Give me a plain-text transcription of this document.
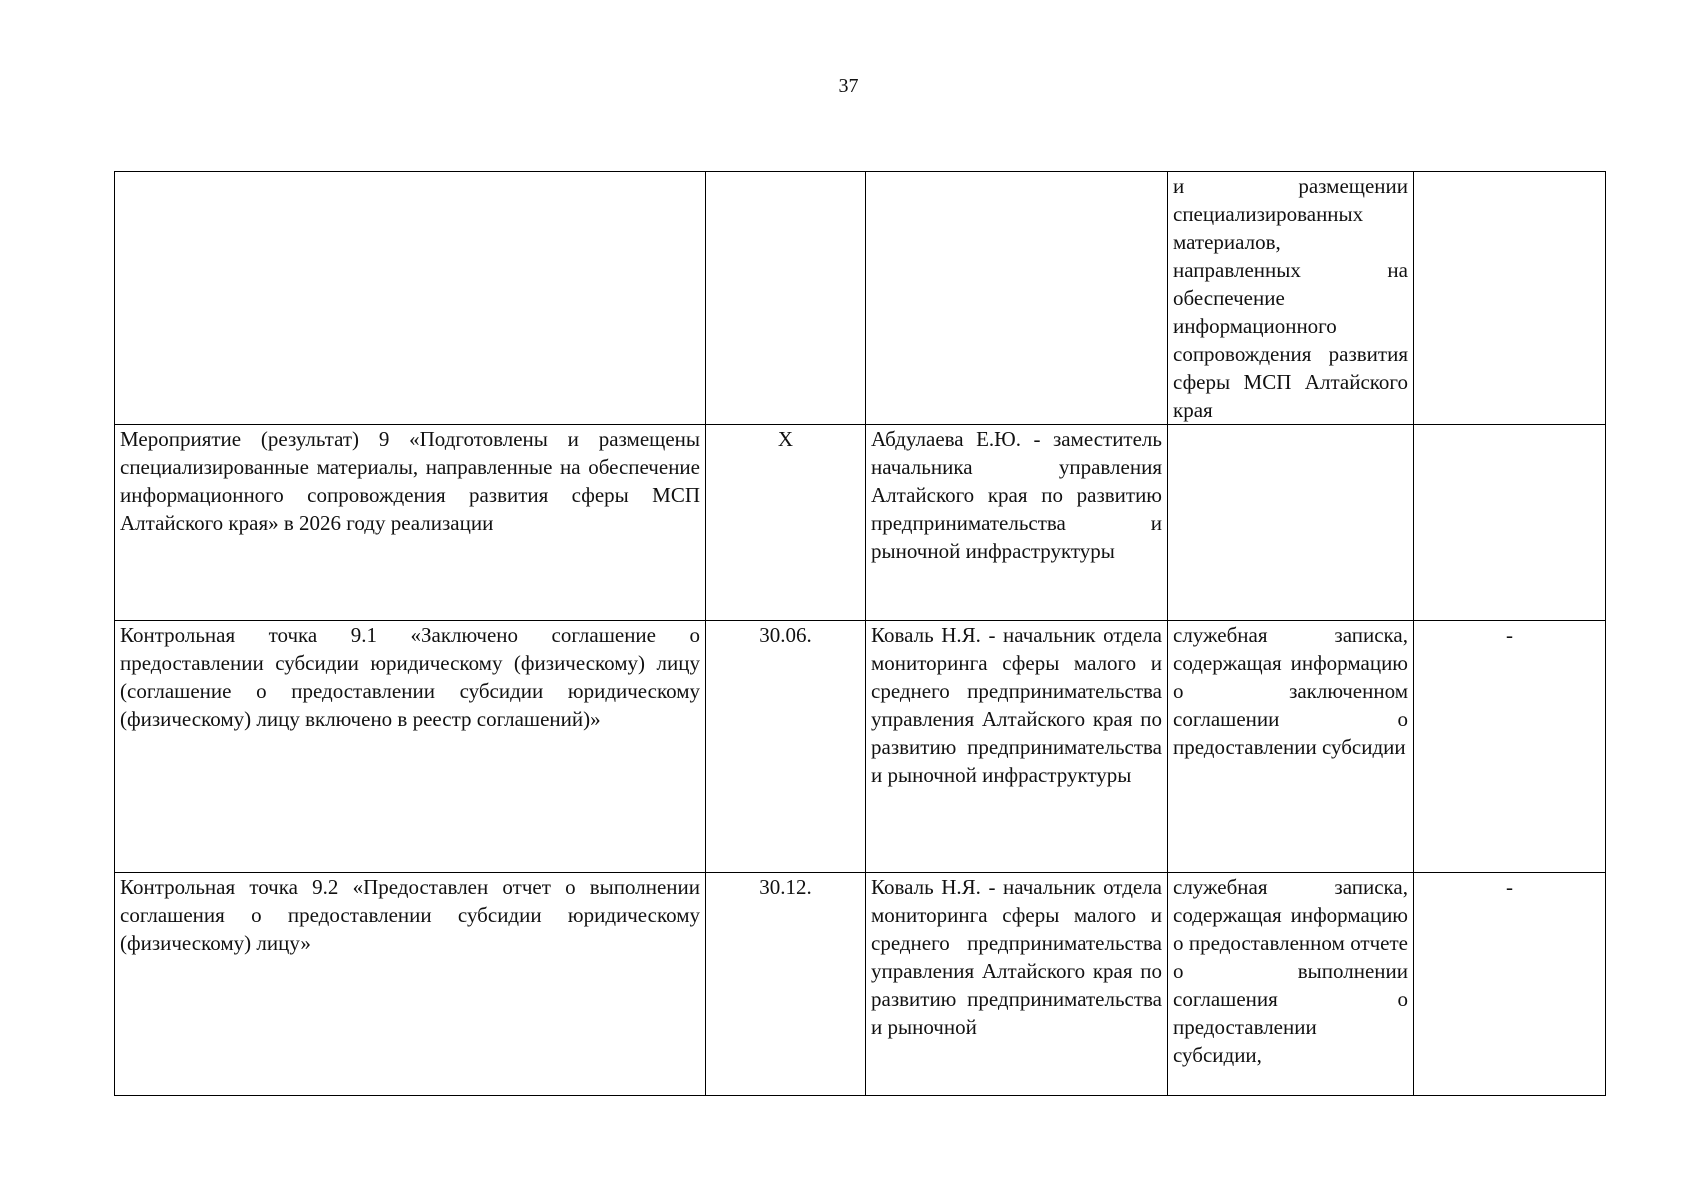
37

			и размещении специализированных материалов, направленных на обеспечение информационного сопровождения развития сферы МСП Алтайского края	

Мероприятие (результат) 9 «Подготовлены и размещены специализированные материалы, направленные на обеспечение информационного сопровождения развития сферы МСП Алтайского края» в 2026 году реализации	Х	Абдулаева Е.Ю. - заместитель начальника управления Алтайского края по развитию предпринимательства и рыночной инфраструктуры		

Контрольная точка 9.1 «Заключено соглашение о предоставлении субсидии юридическому (физическому) лицу (соглашение о предоставлении субсидии юридическому (физическому) лицу включено в реестр соглашений)»	30.06.	Коваль Н.Я. - начальник отдела мониторинга сферы малого и среднего предпринимательства управления Алтайского края по развитию предпринимательства и рыночной инфраструктуры	служебная записка, содержащая информацию о заключенном соглашении о предоставлении субсидии	-

Контрольная точка 9.2 «Предоставлен отчет о выполнении соглашения о предоставлении субсидии юридическому (физическому) лицу»	30.12.	Коваль Н.Я. - начальник отдела мониторинга сферы малого и среднего предпринимательства управления Алтайского края по развитию предпринимательства и рыночной	служебная записка, содержащая информацию о предоставленном отчете о выполнении соглашения о предоставлении субсидии,	-
